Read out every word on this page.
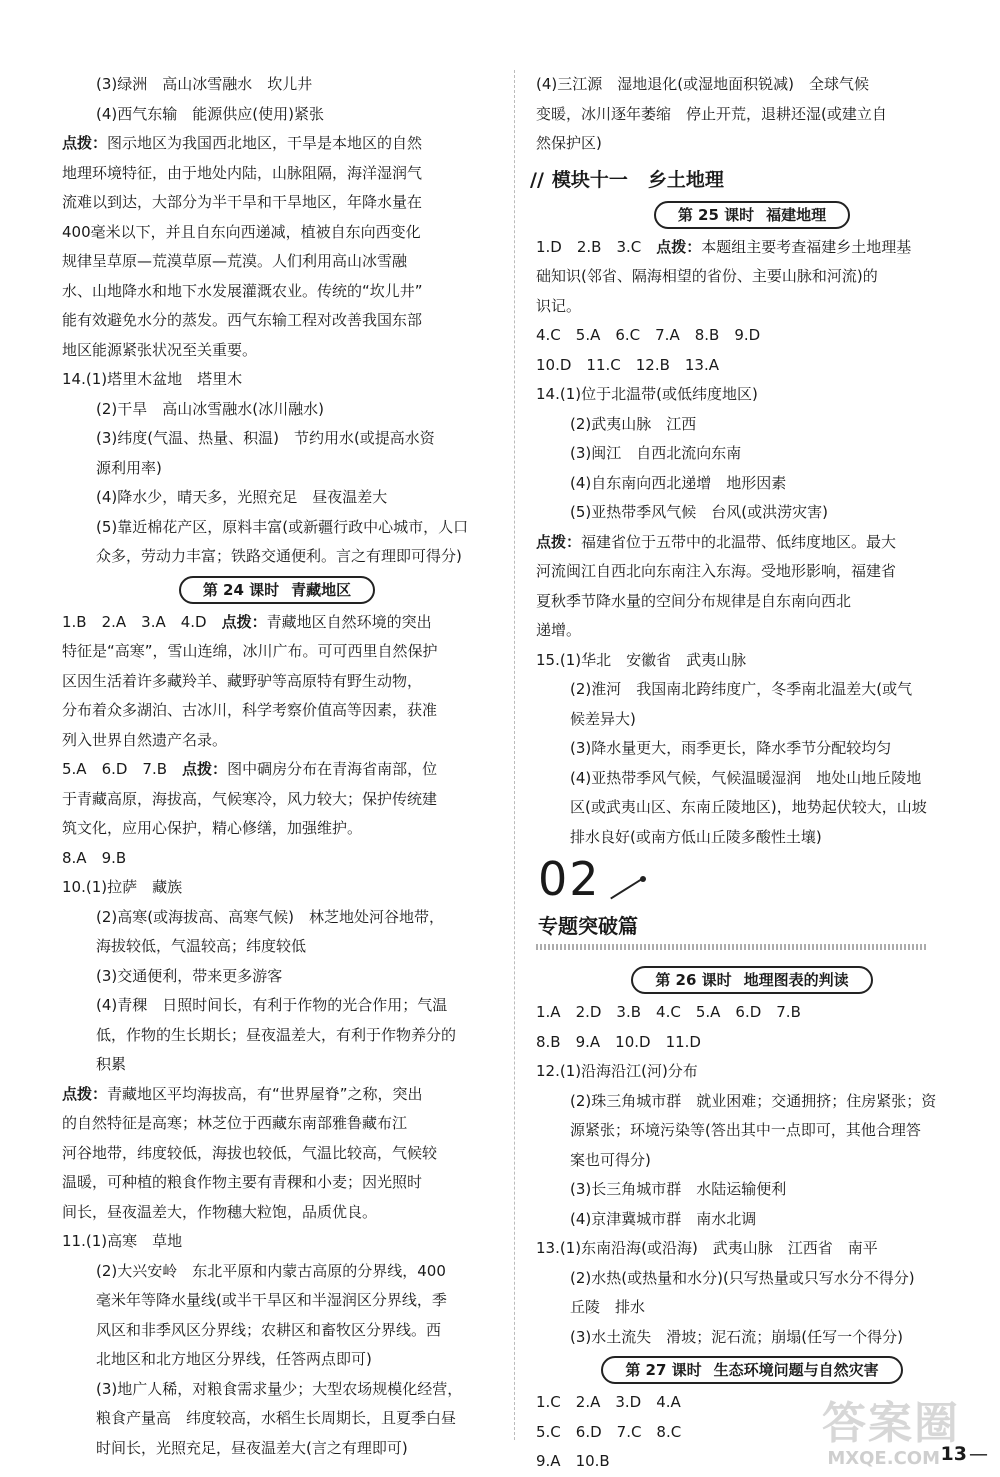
(3)绿洲　高山冰雪融水　坎儿井
(4)西气东输　能源供应(使用)紧张
点拨：图示地区为我国西北地区，干旱是本地区的自然
地理环境特征，由于地处内陆，山脉阻隔，海洋湿润气
流难以到达，大部分为半干旱和干旱地区，年降水量在
400毫米以下，并且自东向西递减，植被自东向西变化
规律呈草原—荒漠草原—荒漠。人们利用高山冰雪融
水、山地降水和地下水发展灌溉农业。传统的“坎儿井”
能有效避免水分的蒸发。西气东输工程对改善我国东部
地区能源紧张状况至关重要。
14.(1)塔里木盆地　塔里木
(2)干旱　高山冰雪融水(冰川融水)
(3)纬度(气温、热量、积温)　节约用水(或提高水资
源利用率)
(4)降水少，晴天多，光照充足　昼夜温差大
(5)靠近棉花产区，原料丰富(或新疆行政中心城市，人口
众多，劳动力丰富；铁路交通便利。言之有理即可得分)
第 24 课时 青藏地区
1.B　2.A　3.A　4.D　点拨：青藏地区自然环境的突出
特征是“高寒”，雪山连绵，冰川广布。可可西里自然保护
区因生活着许多藏羚羊、藏野驴等高原特有野生动物，
分布着众多湖泊、古冰川，科学考察价值高等因素，获准
列入世界自然遗产名录。
5.A　6.D　7.B　点拨：图中碉房分布在青海省南部，位
于青藏高原，海拔高，气候寒冷，风力较大；保护传统建
筑文化，应用心保护，精心修缮，加强维护。
8.A　9.B
10.(1)拉萨　藏族
(2)高寒(或海拔高、高寒气候)　林芝地处河谷地带，
海拔较低，气温较高；纬度较低
(3)交通便利，带来更多游客
(4)青稞　日照时间长，有利于作物的光合作用；气温
低，作物的生长期长；昼夜温差大，有利于作物养分的
积累
点拨：青藏地区平均海拔高，有“世界屋脊”之称，突出
的自然特征是高寒；林芝位于西藏东南部雅鲁藏布江
河谷地带，纬度较低，海拔也较低，气温比较高，气候较
温暖，可种植的粮食作物主要有青稞和小麦；因光照时
间长，昼夜温差大，作物穗大粒饱，品质优良。
11.(1)高寒　草地
(2)大兴安岭　东北平原和内蒙古高原的分界线，400
毫米年等降水量线(或半干旱区和半湿润区分界线，季
风区和非季风区分界线；农耕区和畜牧区分界线。西
北地区和北方地区分界线，任答两点即可)
(3)地广人稀，对粮食需求量少；大型农场规模化经营，
粮食产量高　纬度较高，水稻生长周期长，且夏季白昼
时间长，光照充足，昼夜温差大(言之有理即可)
(4)三江源　湿地退化(或湿地面积锐减)　全球气候
变暖，冰川逐年萎缩　停止开荒，退耕还湿(或建立自
然保护区)
// 模块十一 乡土地理
第 25 课时 福建地理
1.D　2.B　3.C　点拨：本题组主要考查福建乡土地理基
础知识(邻省、隔海相望的省份、主要山脉和河流)的
识记。
4.C　5.A　6.C　7.A　8.B　9.D
10.D　11.C　12.B　13.A
14.(1)位于北温带(或低纬度地区)
(2)武夷山脉　江西
(3)闽江　自西北流向东南
(4)自东南向西北递增　地形因素
(5)亚热带季风气候　台风(或洪涝灾害)
点拨：福建省位于五带中的北温带、低纬度地区。最大
河流闽江自西北向东南注入东海。受地形影响，福建省
夏秋季节降水量的空间分布规律是自东南向西北
递增。
15.(1)华北　安徽省　武夷山脉
(2)淮河　我国南北跨纬度广，冬季南北温差大(或气
候差异大)
(3)降水量更大，雨季更长，降水季节分配较均匀
(4)亚热带季风气候，气候温暖湿润　地处山地丘陵地
区(或武夷山区、东南丘陵地区)，地势起伏较大，山坡
排水良好(或南方低山丘陵多酸性土壤)
02
专题突破篇
第 26 课时 地理图表的判读
1.A　2.D　3.B　4.C　5.A　6.D　7.B
8.B　9.A　10.D　11.D
12.(1)沿海沿江(河)分布
(2)珠三角城市群　就业困难；交通拥挤；住房紧张；资
源紧张；环境污染等(答出其中一点即可，其他合理答
案也可得分)
(3)长三角城市群　水陆运输便利
(4)京津冀城市群　南水北调
13.(1)东南沿海(或沿海)　武夷山脉　江西省　南平
(2)水热(或热量和水分)(只写热量或只写水分不得分)
丘陵　排水
(3)水土流失　滑坡；泥石流；崩塌(任写一个得分)
第 27 课时 生态环境问题与自然灾害
1.C　2.A　3.D　4.A
5.C　6.D　7.C　8.C
9.A　10.B
答案圈
MXQE.COM 13 —
